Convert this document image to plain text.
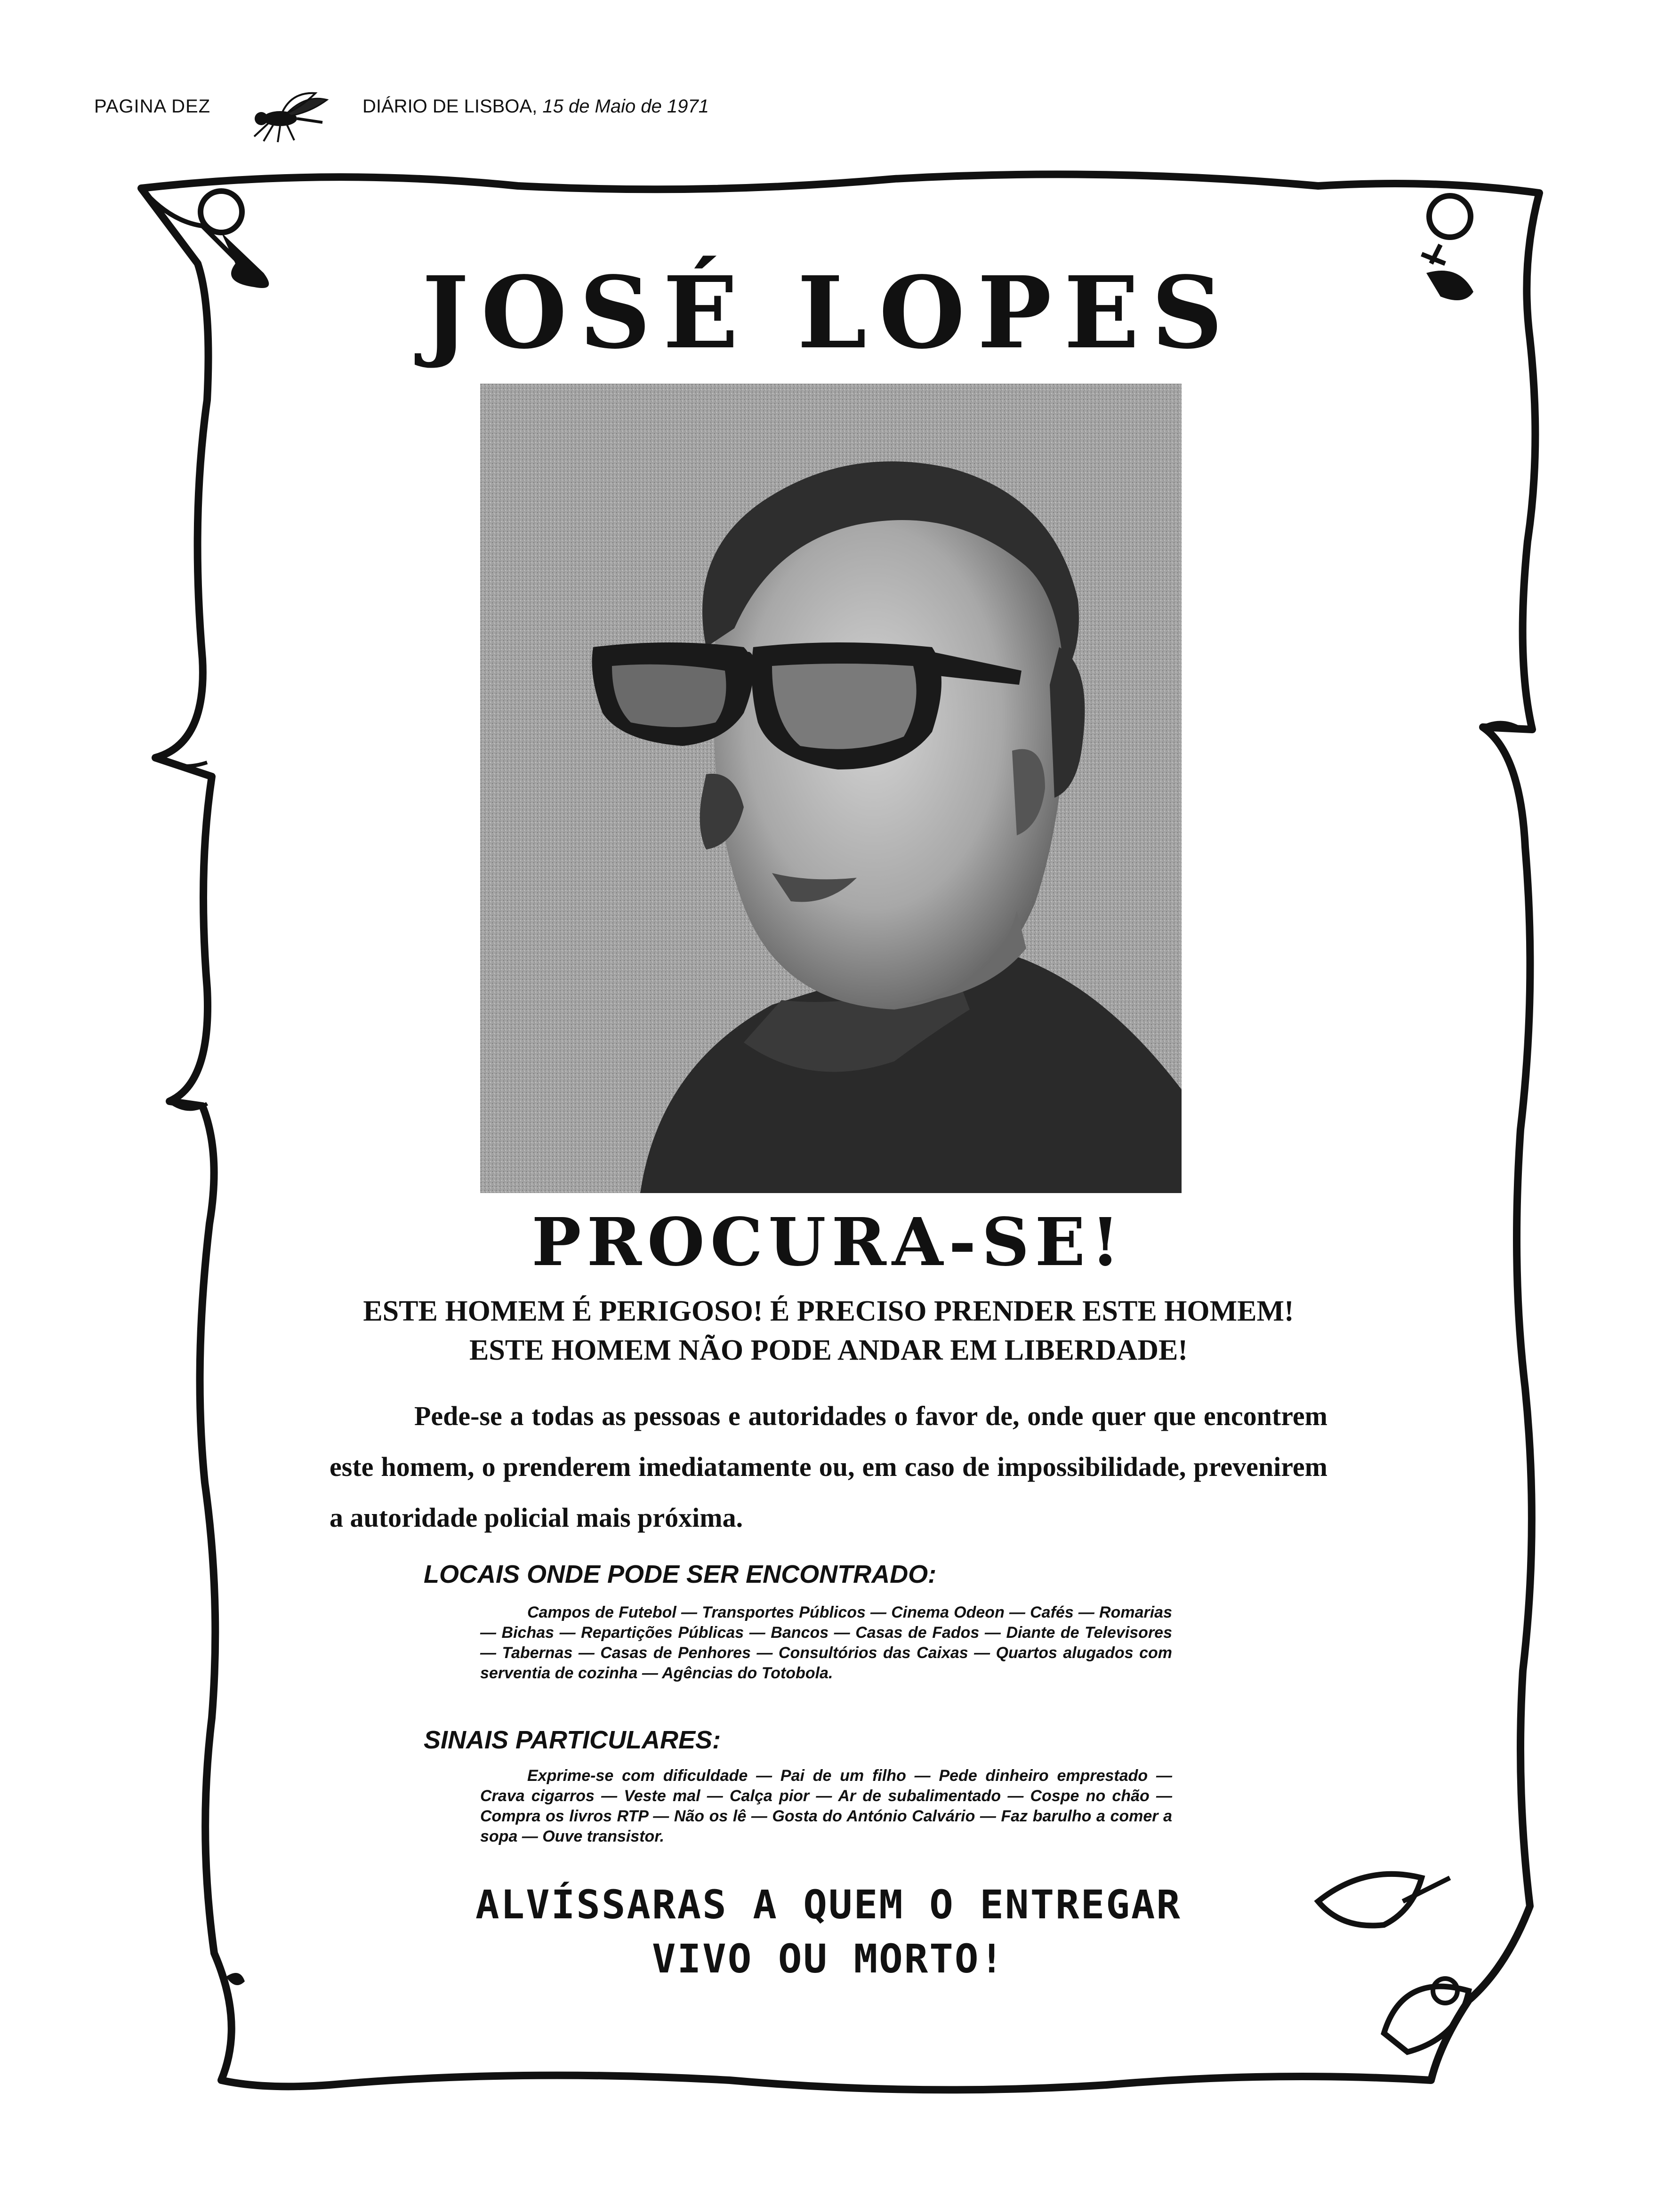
PAGINA DEZ	DIÁRIO DE LISBOA, 15 de Maio de 1971
JOSÉ LOPES
PROCURA-SE!
ESTE HOMEM É PERIGOSO! É PRECISO PRENDER ESTE HOMEM!
ESTE HOMEM NÃO PODE ANDAR EM LIBERDADE!

Pede-se a todas as pessoas e autoridades o favor de, onde quer que encontrem este homem, o prenderem imediatamente ou, em caso de impossibilidade, prevenirem a autoridade policial mais próxima.

LOCAIS ONDE PODE SER ENCONTRADO:

Campos de Futebol — Transportes Públicos — Cinema Odeon — Cafés — Romarias — Bichas — Repartições Públicas — Bancos — Casas de Fados — Diante de Televisores — Tabernas — Casas de Penhores — Consultórios das Caixas — Quartos alugados com serventia de cozinha — Agências do Totobola.

SINAIS PARTICULARES:

Exprime-se com dificuldade — Pai de um filho — Pede dinheiro emprestado — Crava cigarros — Veste mal — Calça pior — Ar de subalimentado — Cospe no chão — Compra os livros RTP — Não os lê — Gosta do António Calvário — Faz barulho a comer a sopa — Ouve transistor.

ALVÍSSARAS A QUEM O ENTREGAR
VIVO OU MORTO!
